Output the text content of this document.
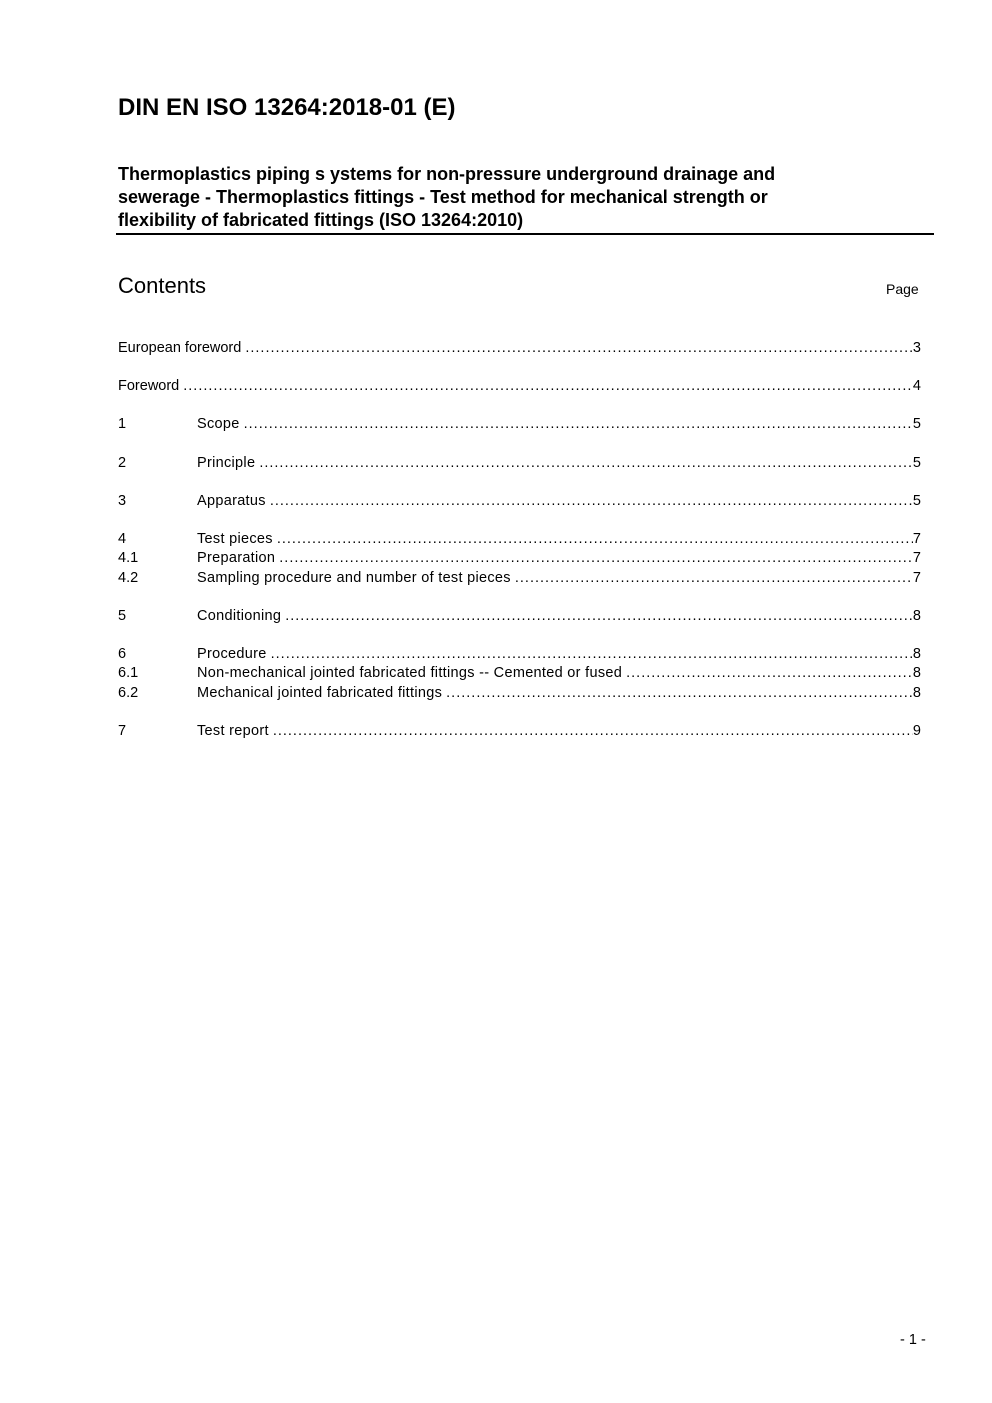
DIN EN ISO 13264:2018-01 (E)
Thermoplastics piping s ystems for non-pressure underground drainage and
sewerage - Thermoplastics fittings - Test method for mechanical strength or
flexibility of fabricated fittings (ISO 13264:2010)
Contents	Page
European foreword .....	3
Foreword .....	4
1	Scope .....	5
2	Principle .....	5
3	Apparatus .....	5
4	Test pieces .....	7
4.1	Preparation .....	7
4.2	Sampling procedure and number of test pieces .....	7
5	Conditioning .....	8
6	Procedure .....	8
6.1	Non-mechanical jointed fabricated fittings -- Cemented or fused .....	8
6.2	Mechanical jointed fabricated fittings .....	8
7	Test report .....	9
- 1 -
